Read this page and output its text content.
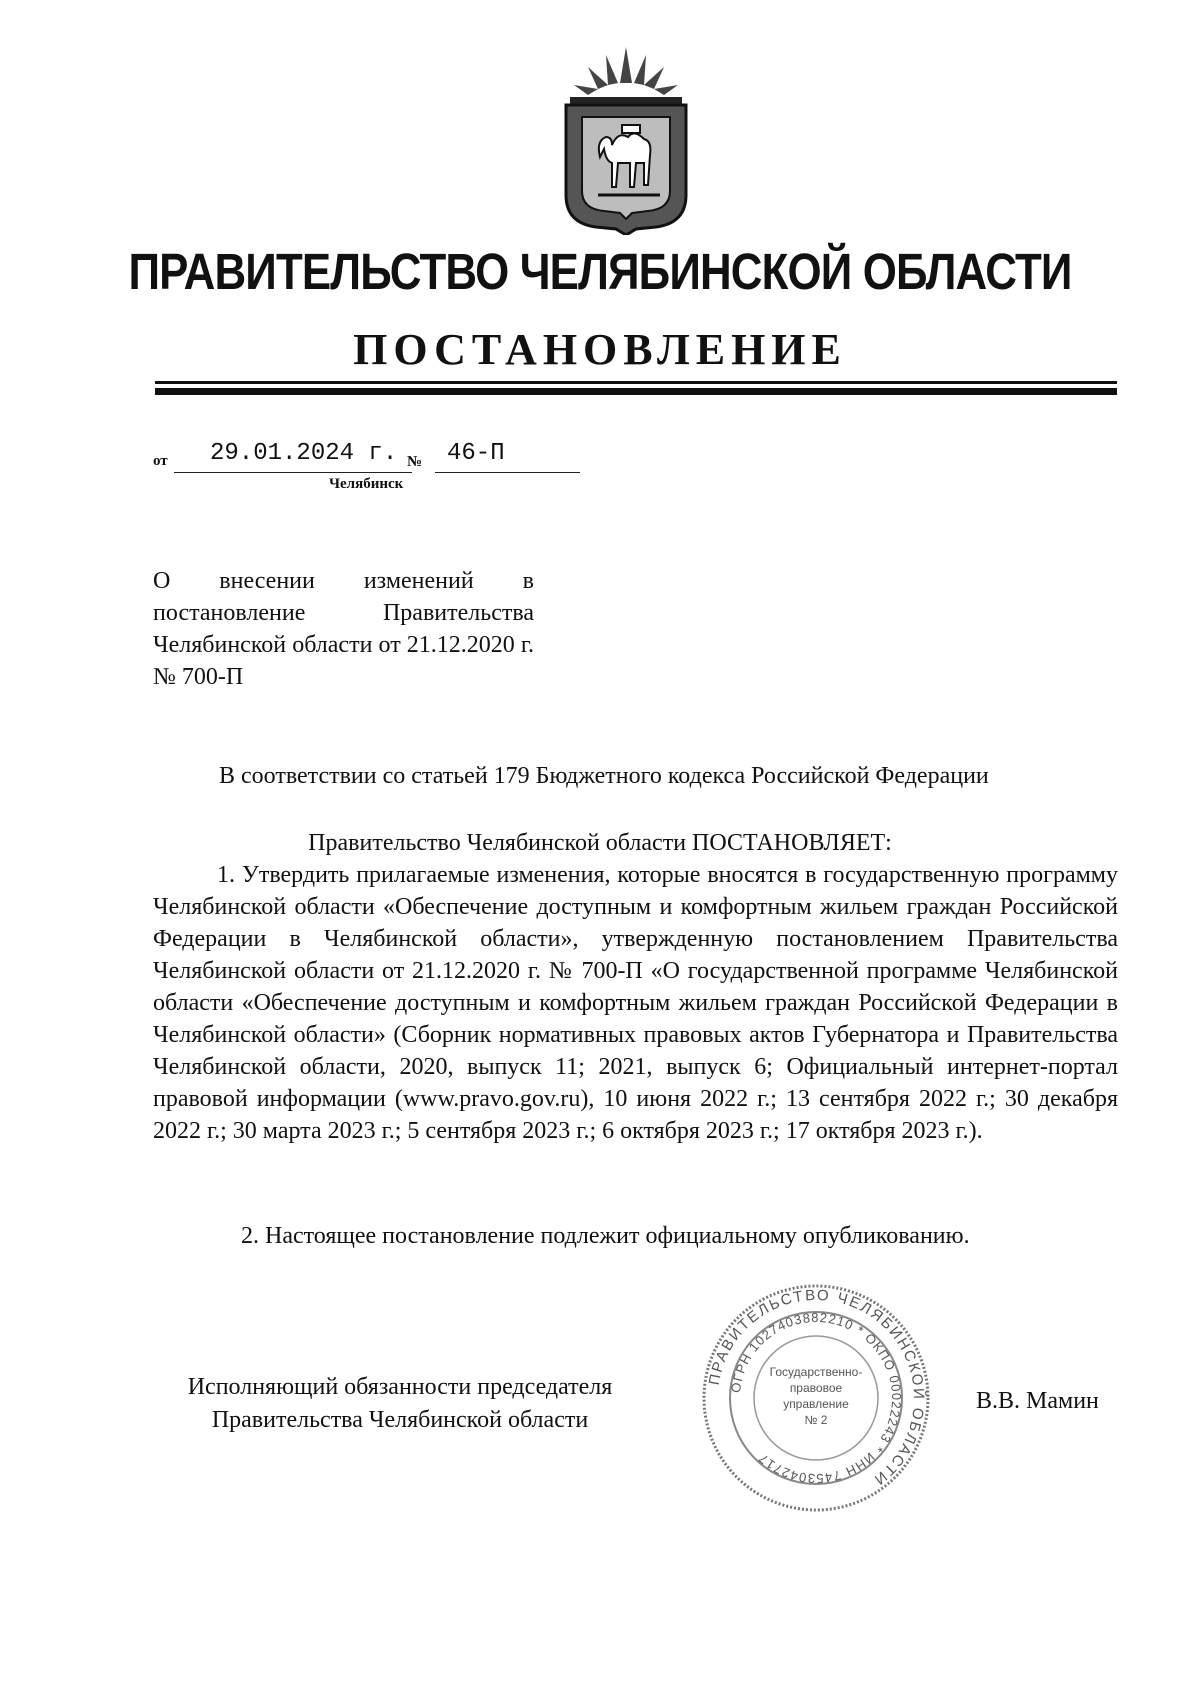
ПРАВИТЕЛЬСТВО ЧЕЛЯБИНСКОЙ ОБЛАСТИ
ПОСТАНОВЛЕНИЕ
от 29.01.2024 г. № 46-П
Челябинск
О внесении изменений в постановление Правительства Челябинской области от 21.12.2020 г. № 700-П
В соответствии со статьей 179 Бюджетного кодекса Российской Федерации
Правительство Челябинской области ПОСТАНОВЛЯЕТ:
1. Утвердить прилагаемые изменения, которые вносятся в государственную программу Челябинской области «Обеспечение доступным и комфортным жильем граждан Российской Федерации в Челябинской области», утвержденную постановлением Правительства Челябинской области от 21.12.2020 г. № 700-П «О государственной программе Челябинской области «Обеспечение доступным и комфортным жильем граждан Российской Федерации в Челябинской области» (Сборник нормативных правовых актов Губернатора и Правительства Челябинской области, 2020, выпуск 11; 2021, выпуск 6; Официальный интернет-портал правовой информации (www.pravo.gov.ru), 10 июня 2022 г.; 13 сентября 2022 г.; 30 декабря 2022 г.; 30 марта 2023 г.; 5 сентября 2023 г.; 6 октября 2023 г.; 17 октября 2023 г.).
2. Настоящее постановление подлежит официальному опубликованию.
Исполняющий обязанности председателя
Правительства Челябинской области
В.В. Мамин
ПРАВИТЕЛЬСТВО ЧЕЛЯБИНСКОЙ ОБЛАСТИ
ОГРН 1027403882210 * ОКПО 00022243 * ИНН 7453042717
Государственно-
правовое
управление
№ 2
